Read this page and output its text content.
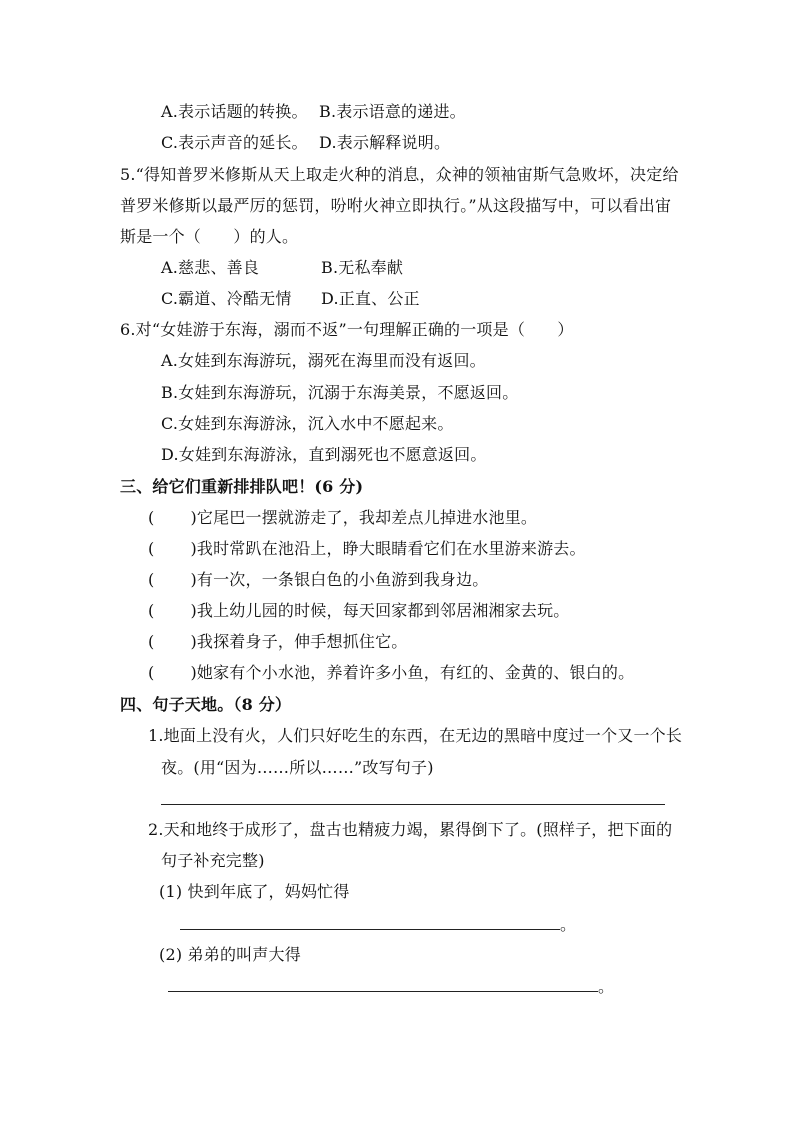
A.表示话题的转换。 B.表示语意的递进。
C.表示声音的延长。 D.表示解释说明。
5.“得知普罗米修斯从天上取走火种的消息，众神的领袖宙斯气急败坏，决定给
普罗米修斯以最严厉的惩罚，吩咐火神立即执行。”从这段描写中，可以看出宙
斯是一个（　　）的人。
A.慈悲、善良	B.无私奉献
C.霸道、冷酷无情 D.正直、公正
6.对“女娃游于东海，溺而不返”一句理解正确的一项是（　　）
A.女娃到东海游玩，溺死在海里而没有返回。
B.女娃到东海游玩，沉溺于东海美景，不愿返回。
C.女娃到东海游泳，沉入水中不愿起来。
D.女娃到东海游泳，直到溺死也不愿意返回。
三、给它们重新排排队吧！(6 分)
( )它尾巴一摆就游走了，我却差点儿掉进水池里。
( )我时常趴在池沿上，睁大眼睛看它们在水里游来游去。
( )有一次，一条银白色的小鱼游到我身边。
( )我上幼儿园的时候，每天回家都到邻居湘湘家去玩。
( )我探着身子，伸手想抓住它。
( )她家有个小水池，养着许多小鱼，有红的、金黄的、银白的。
四、句子天地。（8 分）
1.地面上没有火，人们只好吃生的东西，在无边的黑暗中度过一个又一个长
夜。(用“因为……所以……”改写句子)
2.天和地终于成形了，盘古也精疲力竭，累得倒下了。(照样子，把下面的
句子补充完整)
(1) 快到年底了，妈妈忙得
。
(2) 弟弟的叫声大得
。
